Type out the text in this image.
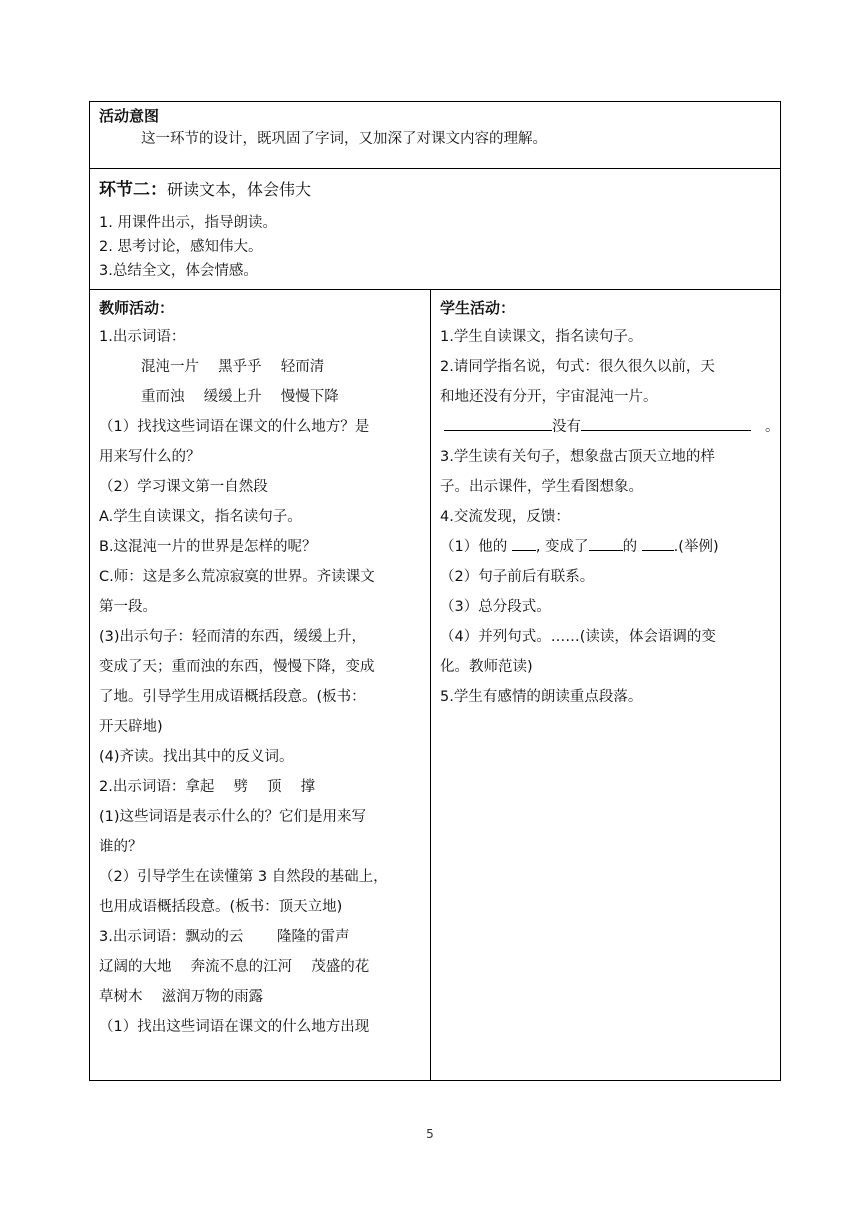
活动意图
这一环节的设计，既巩固了字词，又加深了对课文内容的理解。

环节二：研读文本，体会伟大
1. 用课件出示，指导朗读。
2. 思考讨论，感知伟大。
3.总结全文，体会情感。

教师活动：
1.出示词语：
混沌一片　 黑乎乎　 轻而清
重而浊　 缓缓上升　 慢慢下降
（1）找找这些词语在课文的什么地方？是
用来写什么的？
（2）学习课文第一自然段
A.学生自读课文，指名读句子。
B.这混沌一片的世界是怎样的呢？
C.师：这是多么荒凉寂寞的世界。齐读课文
第一段。
(3)出示句子：轻而清的东西，缓缓上升，
变成了天；重而浊的东西，慢慢下降，变成
了地。引导学生用成语概括段意。(板书：
开天辟地)
(4)齐读。找出其中的反义词。
2.出示词语：拿起　 劈　 顶　 撑
(1)这些词语是表示什么的？它们是用来写
谁的？
（2）引导学生在读懂第 3 自然段的基础上，
也用成语概括段意。(板书：顶天立地)
3.出示词语：飘动的云　　 隆隆的雷声
辽阔的大地　 奔流不息的江河　 茂盛的花
草树木　 滋润万物的雨露
（1）找出这些词语在课文的什么地方出现

学生活动：
1.学生自读课文，指名读句子。
2.请同学指名说，句式：很久很久以前，天
和地还没有分开，宇宙混沌一片。
没有	。
3.学生读有关句子，想象盘古顶天立地的样
子。出示课件，学生看图想象。
4.交流发现，反馈：
（1）他的 , 变成了 的 .(举例)
（2）句子前后有联系。
（3）总分段式。
（4）并列句式。……(读读，体会语调的变
化。教师范读)
5.学生有感情的朗读重点段落。
5
